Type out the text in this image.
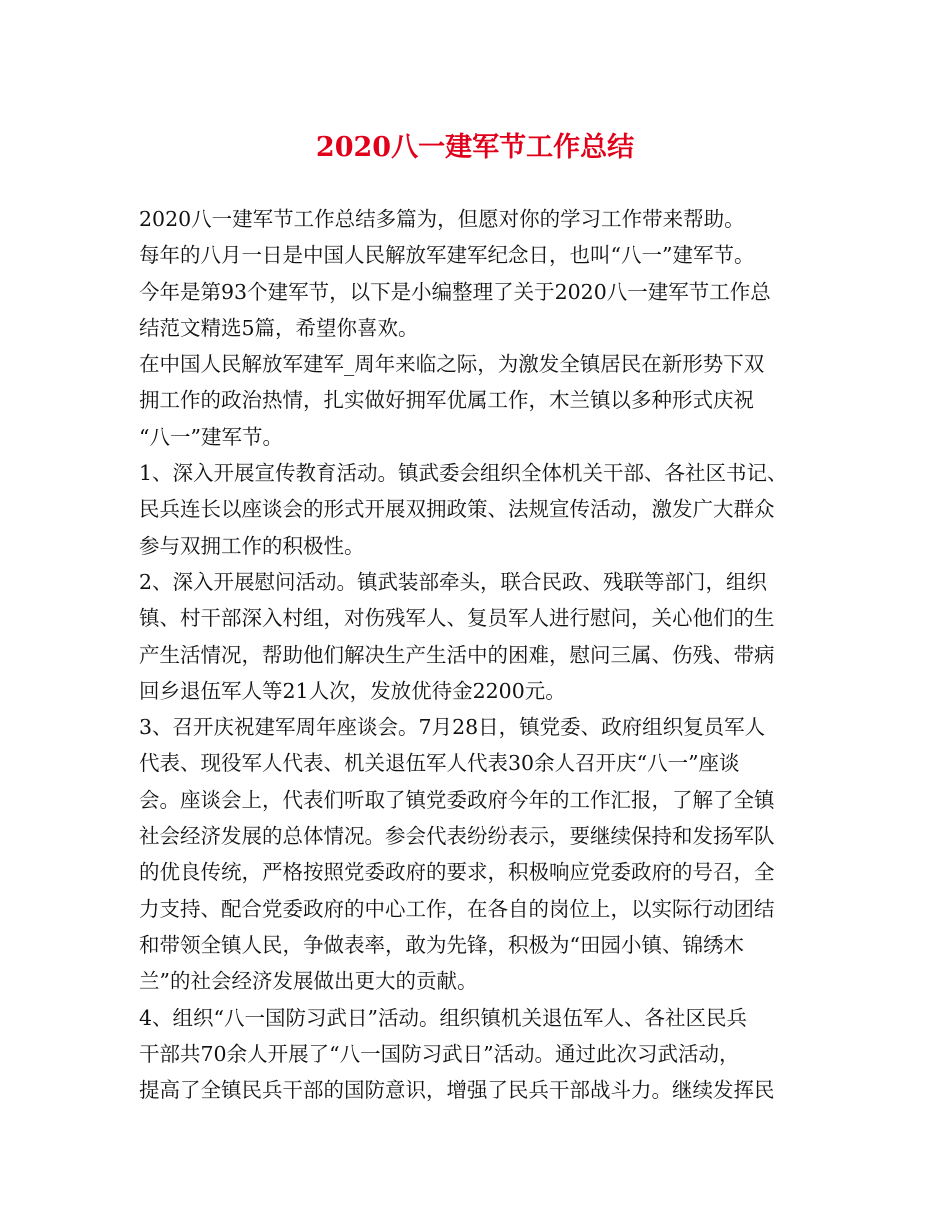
2020八一建军节工作总结
2020八一建军节工作总结多篇为，但愿对你的学习工作带来帮助。
每年的八月一日是中国人民解放军建军纪念日，也叫“八一”建军节。
今年是第93个建军节，以下是小编整理了关于2020八一建军节工作总
结范文精选5篇，希望你喜欢。
在中国人民解放军建军_周年来临之际，为激发全镇居民在新形势下双
拥工作的政治热情，扎实做好拥军优属工作，木兰镇以多种形式庆祝
“八一”建军节。
1、深入开展宣传教育活动。镇武委会组织全体机关干部、各社区书记、
民兵连长以座谈会的形式开展双拥政策、法规宣传活动，激发广大群众
参与双拥工作的积极性。
2、深入开展慰问活动。镇武装部牵头，联合民政、残联等部门，组织
镇、村干部深入村组，对伤残军人、复员军人进行慰问，关心他们的生
产生活情况，帮助他们解决生产生活中的困难，慰问三属、伤残、带病
回乡退伍军人等21人次，发放优待金2200元。
3、召开庆祝建军周年座谈会。7月28日，镇党委、政府组织复员军人
代表、现役军人代表、机关退伍军人代表30余人召开庆“八一”座谈
会。座谈会上，代表们听取了镇党委政府今年的工作汇报，了解了全镇
社会经济发展的总体情况。参会代表纷纷表示，要继续保持和发扬军队
的优良传统，严格按照党委政府的要求，积极响应党委政府的号召，全
力支持、配合党委政府的中心工作，在各自的岗位上，以实际行动团结
和带领全镇人民，争做表率，敢为先锋，积极为“田园小镇、锦绣木
兰”的社会经济发展做出更大的贡献。
4、组织“八一国防习武日”活动。组织镇机关退伍军人、各社区民兵
干部共70余人开展了“八一国防习武日”活动。通过此次习武活动，
提高了全镇民兵干部的国防意识，增强了民兵干部战斗力。继续发挥民
